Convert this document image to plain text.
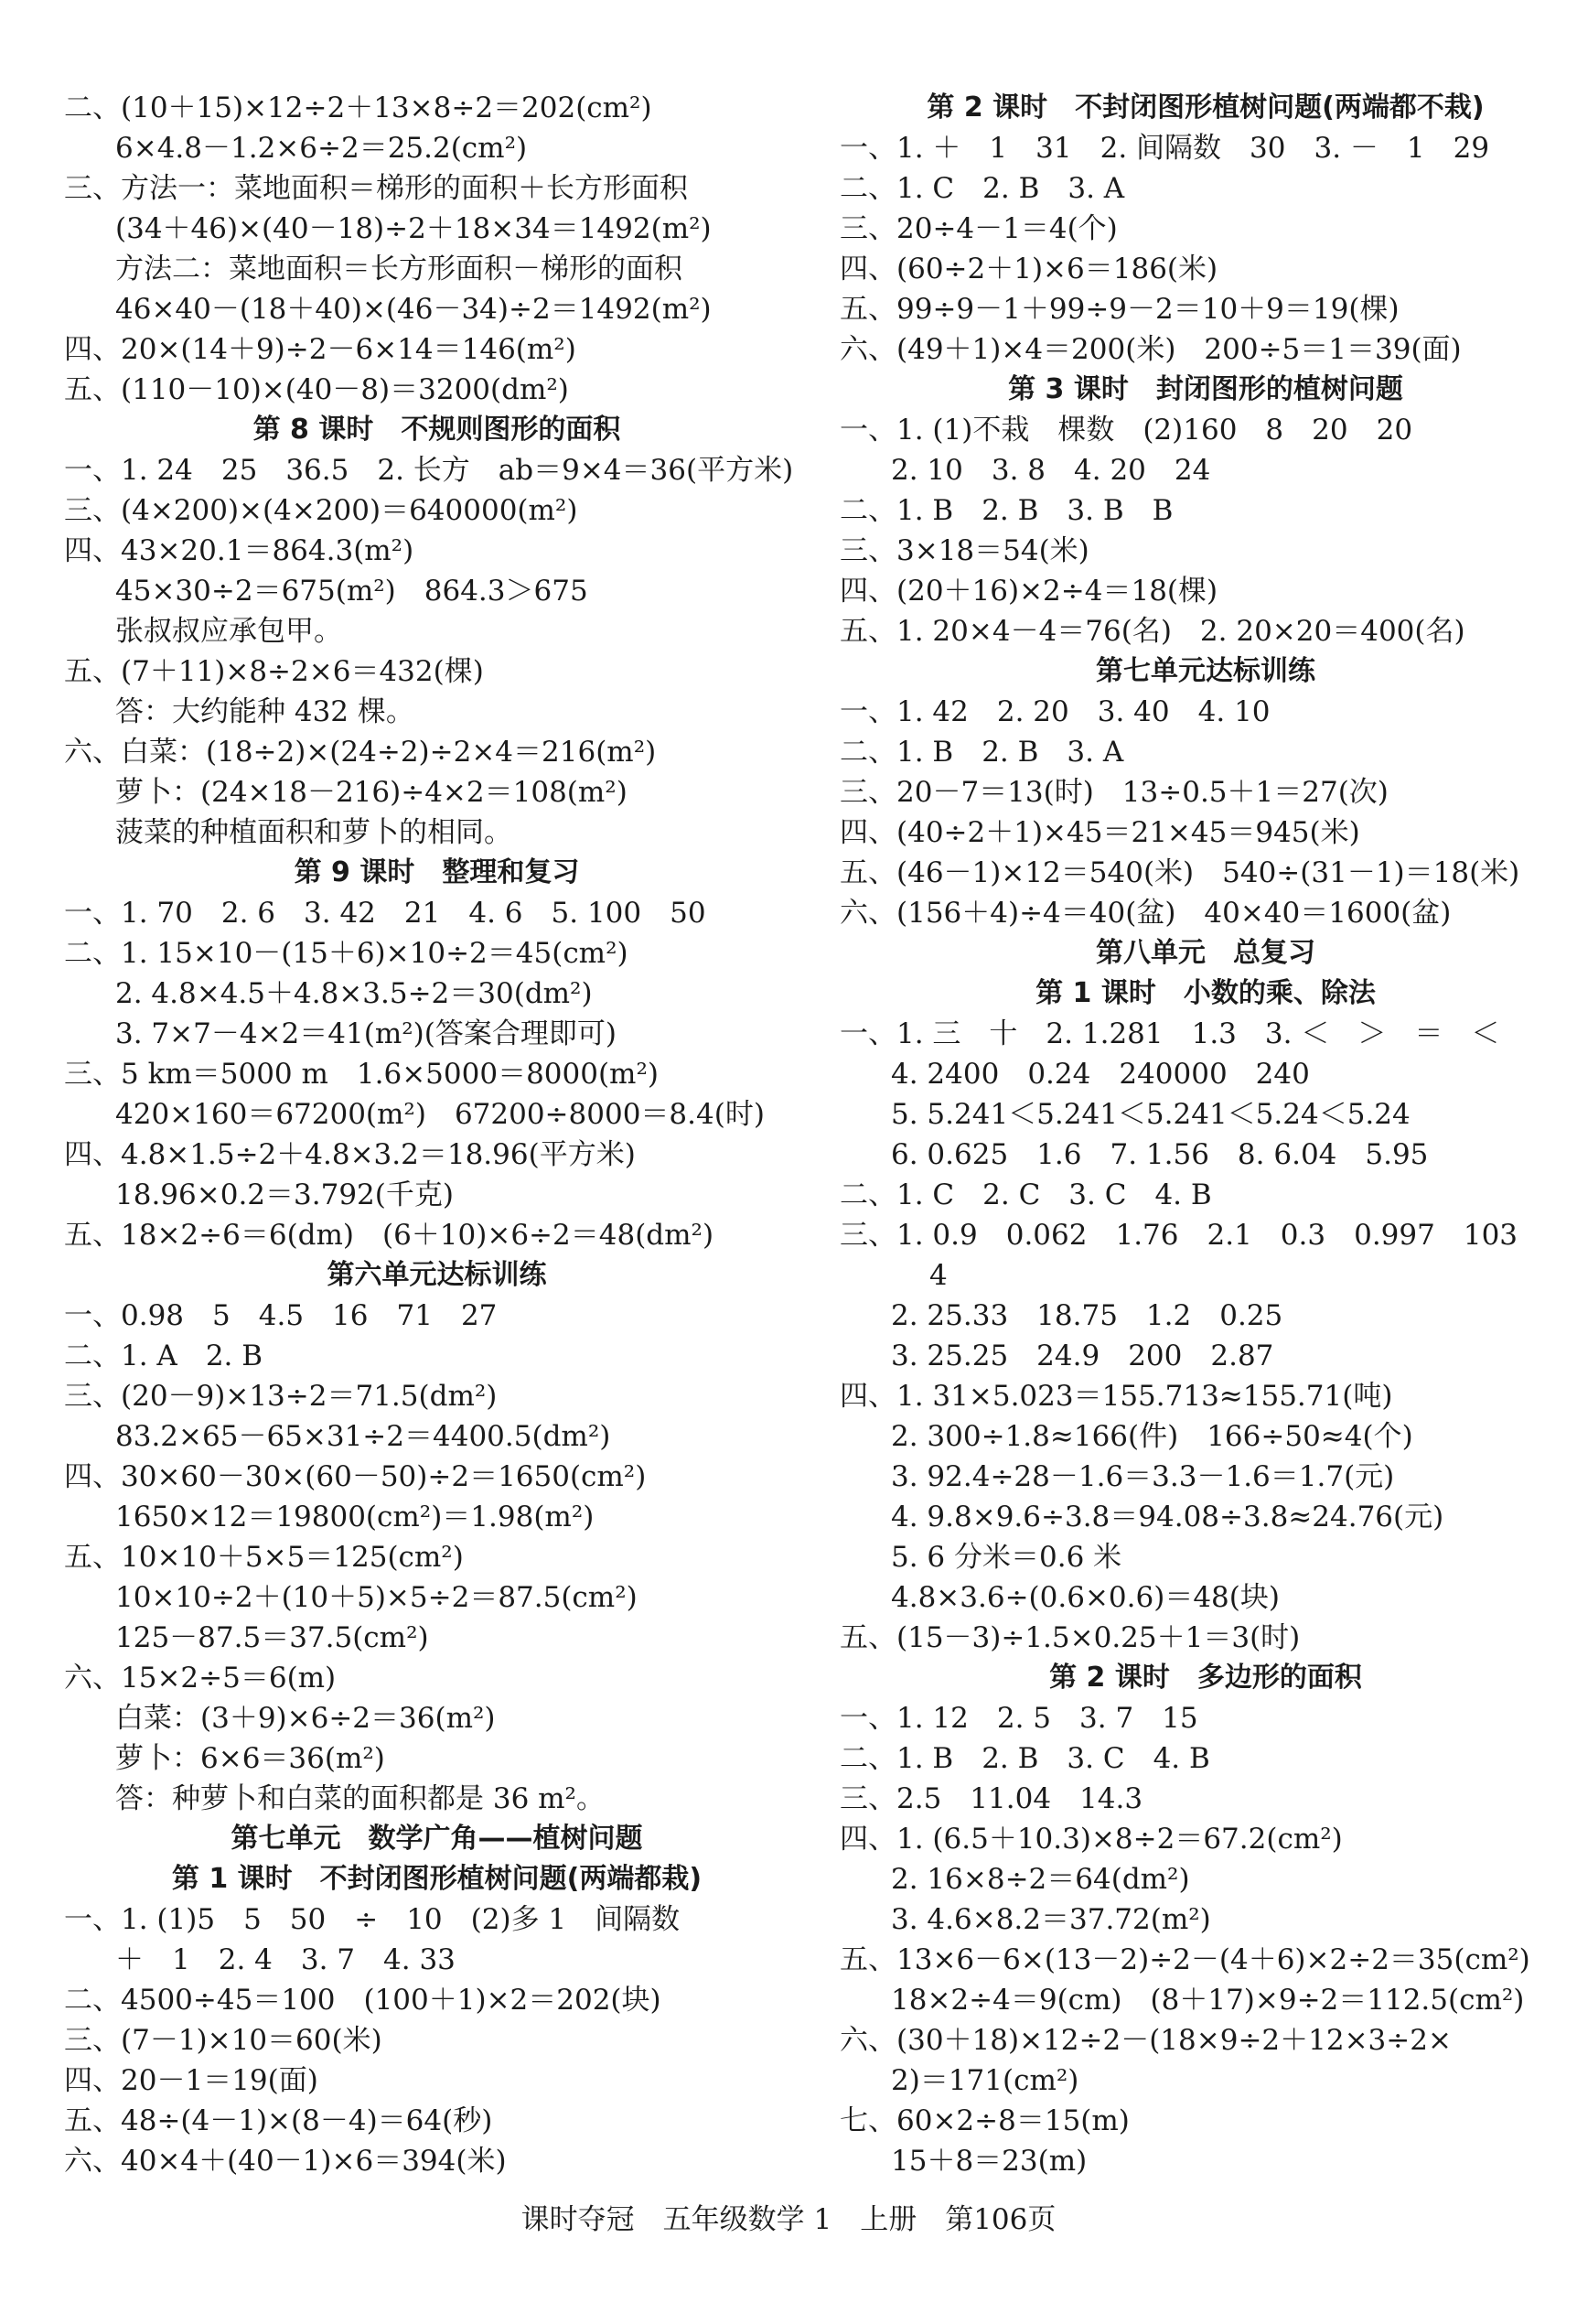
二、(10＋15)×12÷2＋13×8÷2＝202(cm²)
6×4.8－1.2×6÷2＝25.2(cm²)
三、方法一：菜地面积＝梯形的面积＋长方形面积
(34＋46)×(40－18)÷2＋18×34＝1492(m²)
方法二：菜地面积＝长方形面积－梯形的面积
46×40－(18＋40)×(46－34)÷2＝1492(m²)
四、20×(14＋9)÷2－6×14＝146(m²)
五、(110－10)×(40－8)＝3200(dm²)
第 8 课时　不规则图形的面积
一、1. 24　25　36.5　2. 长方　ab＝9×4＝36(平方米)
三、(4×200)×(4×200)＝640000(m²)
四、43×20.1＝864.3(m²)
45×30÷2＝675(m²)　864.3＞675
张叔叔应承包甲。
五、(7＋11)×8÷2×6＝432(棵)
答：大约能种 432 棵。
六、白菜：(18÷2)×(24÷2)÷2×4＝216(m²)
萝卜：(24×18－216)÷4×2＝108(m²)
菠菜的种植面积和萝卜的相同。
第 9 课时　整理和复习
一、1. 70　2. 6　3. 42　21　4. 6　5. 100　50
二、1. 15×10－(15＋6)×10÷2＝45(cm²)
2. 4.8×4.5＋4.8×3.5÷2＝30(dm²)
3. 7×7－4×2＝41(m²)(答案合理即可)
三、5 km＝5000 m　1.6×5000＝8000(m²)
420×160＝67200(m²)　67200÷8000＝8.4(时)
四、4.8×1.5÷2＋4.8×3.2＝18.96(平方米)
18.96×0.2＝3.792(千克)
五、18×2÷6＝6(dm)　(6＋10)×6÷2＝48(dm²)
第六单元达标训练
一、0.98　5　4.5　16　71　27
二、1. A　2. B
三、(20－9)×13÷2＝71.5(dm²)
83.2×65－65×31÷2＝4400.5(dm²)
四、30×60－30×(60－50)÷2＝1650(cm²)
1650×12＝19800(cm²)＝1.98(m²)
五、10×10＋5×5＝125(cm²)
10×10÷2＋(10＋5)×5÷2＝87.5(cm²)
125－87.5＝37.5(cm²)
六、15×2÷5＝6(m)
白菜：(3＋9)×6÷2＝36(m²)
萝卜：6×6＝36(m²)
答：种萝卜和白菜的面积都是 36 m²。
第七单元　数学广角——植树问题
第 1 课时　不封闭图形植树问题(两端都栽)
一、1. (1)5　5　50　÷　10　(2)多 1　间隔数
＋　1　2. 4　3. 7　4. 33
二、4500÷45＝100　(100＋1)×2＝202(块)
三、(7－1)×10＝60(米)
四、20－1＝19(面)
五、48÷(4－1)×(8－4)＝64(秒)
六、40×4＋(40－1)×6＝394(米)
第 2 课时　不封闭图形植树问题(两端都不栽)
一、1. ＋　1　31　2. 间隔数　30　3. －　1　29
二、1. C　2. B　3. A
三、20÷4－1＝4(个)
四、(60÷2＋1)×6＝186(米)
五、99÷9－1＋99÷9－2＝10＋9＝19(棵)
六、(49＋1)×4＝200(米)　200÷5＝1＝39(面)
第 3 课时　封闭图形的植树问题
一、1. (1)不栽　棵数　(2)160　8　20　20
2. 10　3. 8　4. 20　24
二、1. B　2. B　3. B　B
三、3×18＝54(米)
四、(20＋16)×2÷4＝18(棵)
五、1. 20×4－4＝76(名)　2. 20×20＝400(名)
第七单元达标训练
一、1. 42　2. 20　3. 40　4. 10
二、1. B　2. B　3. A
三、20－7＝13(时)　13÷0.5＋1＝27(次)
四、(40÷2＋1)×45＝21×45＝945(米)
五、(46－1)×12＝540(米)　540÷(31－1)＝18(米)
六、(156＋4)÷4＝40(盆)　40×40＝1600(盆)
第八单元　总复习
第 1 课时　小数的乘、除法
一、1. 三　十　2. 1.281　1.3　3. ＜　＞　＝　＜
4. 2400　0.24　240000　240
5. 5.241＜5.241＜5.241＜5.24＜5.24
6. 0.625　1.6　7. 1.56　8. 6.04　5.95
二、1. C　2. C　3. C　4. B
三、1. 0.9　0.062　1.76　2.1　0.3　0.997　103
4
2. 25.33　18.75　1.2　0.25
3. 25.25　24.9　200　2.87
四、1. 31×5.023＝155.713≈155.71(吨)
2. 300÷1.8≈166(件)　166÷50≈4(个)
3. 92.4÷28－1.6＝3.3－1.6＝1.7(元)
4. 9.8×9.6÷3.8＝94.08÷3.8≈24.76(元)
5. 6 分米＝0.6 米
4.8×3.6÷(0.6×0.6)＝48(块)
五、(15－3)÷1.5×0.25＋1＝3(时)
第 2 课时　多边形的面积
一、1. 12　2. 5　3. 7　15
二、1. B　2. B　3. C　4. B
三、2.5　11.04　14.3
四、1. (6.5＋10.3)×8÷2＝67.2(cm²)
2. 16×8÷2＝64(dm²)
3. 4.6×8.2＝37.72(m²)
五、13×6－6×(13－2)÷2－(4＋6)×2÷2＝35(cm²)
18×2÷4＝9(cm)　(8＋17)×9÷2＝112.5(cm²)
六、(30＋18)×12÷2－(18×9÷2＋12×3÷2×
2)＝171(cm²)
七、60×2÷8＝15(m)
15＋8＝23(m)
课时夺冠　五年级数学 1　上册　第106页
